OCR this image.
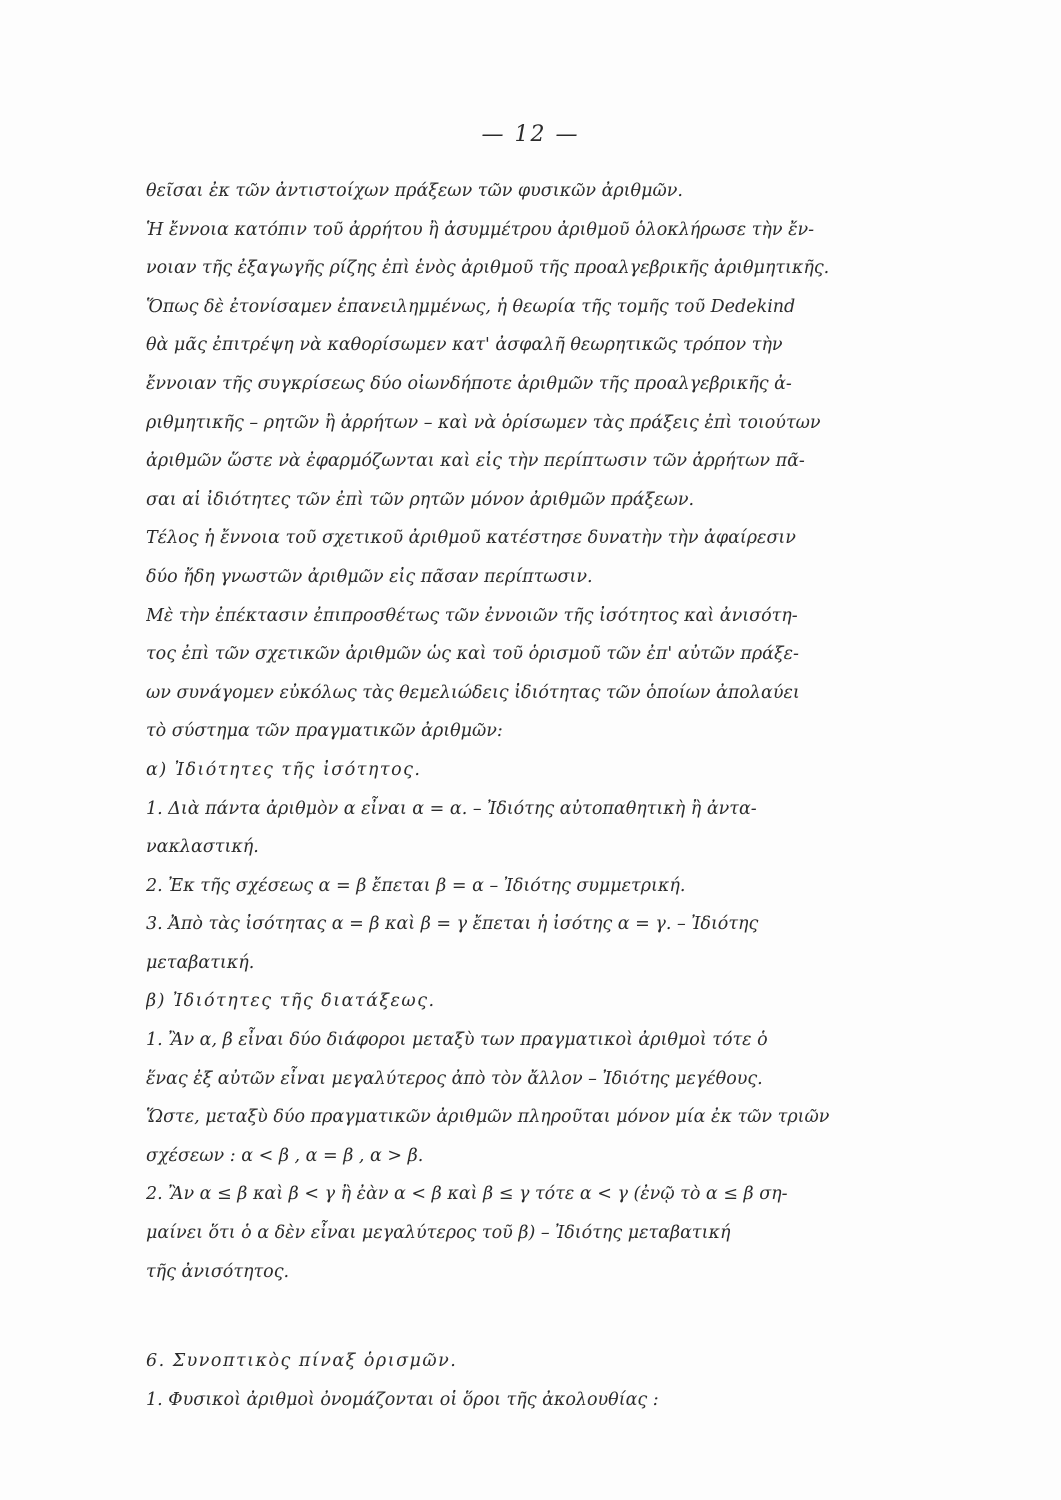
— 12 —
θεῖσαι ἐκ τῶν ἀντιστοίχων πράξεων τῶν φυσικῶν ἀριθμῶν.
Ἡ ἔννοια κατόπιν τοῦ ἀρρήτου ἢ ἀσυμμέτρου ἀριθμοῦ ὁλοκλήρωσε τὴν ἔν-
νοιαν τῆς ἐξαγωγῆς ρίζης ἐπὶ ἑνὸς ἀριθμοῦ τῆς προαλγεβρικῆς ἀριθμητικῆς.
Ὅπως δὲ ἐτονίσαμεν ἐπανειλημμένως, ἡ θεωρία τῆς τομῆς τοῦ Dedekind
θὰ μᾶς ἐπιτρέψη νὰ καθορίσωμεν κατ' ἀσφαλῆ θεωρητικῶς τρόπον τὴν
ἔννοιαν τῆς συγκρίσεως δύο οἱωνδήποτε ἀριθμῶν τῆς προαλγεβρικῆς ἀ-
ριθμητικῆς – ρητῶν ἢ ἀρρήτων – καὶ νὰ ὁρίσωμεν τὰς πράξεις ἐπὶ τοιούτων
ἀριθμῶν ὥστε νὰ ἐφαρμόζωνται καὶ εἰς τὴν περίπτωσιν τῶν ἀρρήτων πᾶ-
σαι αἱ ἰδιότητες τῶν ἐπὶ τῶν ρητῶν μόνον ἀριθμῶν πράξεων.
Τέλος ἡ ἔννοια τοῦ σχετικοῦ ἀριθμοῦ κατέστησε δυνατὴν τὴν ἀφαίρεσιν
δύο ἤδη γνωστῶν ἀριθμῶν εἰς πᾶσαν περίπτωσιν.
Μὲ τὴν ἐπέκτασιν ἐπιπροσθέτως τῶν ἐννοιῶν τῆς ἰσότητος καὶ ἀνισότη-
τος ἐπὶ τῶν σχετικῶν ἀριθμῶν ὡς καὶ τοῦ ὁρισμοῦ τῶν ἐπ' αὐτῶν πράξε-
ων συνάγομεν εὐκόλως τὰς θεμελιώδεις ἰδιότητας τῶν ὁποίων ἀπολαύει
τὸ σύστημα τῶν πραγματικῶν ἀριθμῶν:
α) Ἰδιότητες τῆς ἰσότητος.
1. Διὰ πάντα ἀριθμὸν α εἶναι α = α. – Ἰδιότης αὐτοπαθητικὴ ἢ ἀντα-
νακλαστική.
2. Ἐκ τῆς σχέσεως α = β ἔπεται β = α – Ἰδιότης συμμετρική.
3. Ἀπὸ τὰς ἰσότητας α = β καὶ β = γ ἔπεται ἡ ἰσότης α = γ. – Ἰδιότης
μεταβατική.
β) Ἰδιότητες τῆς διατάξεως.
1. Ἂν α, β εἶναι δύο διάφοροι μεταξὺ των πραγματικοὶ ἀριθμοὶ τότε ὁ
ἕνας ἐξ αὐτῶν εἶναι μεγαλύτερος ἀπὸ τὸν ἄλλον – Ἰδιότης μεγέθους.
Ὥστε, μεταξὺ δύο πραγματικῶν ἀριθμῶν πληροῦται μόνον μία ἐκ τῶν τριῶν
σχέσεων : α < β , α = β , α > β.
2. Ἂν α ≤ β καὶ β < γ ἢ ἐὰν α < β καὶ β ≤ γ τότε α < γ (ἐνῷ τὸ α ≤ β ση-
μαίνει ὅτι ὁ α δὲν εἶναι μεγαλύτερος τοῦ β) – Ἰδιότης μεταβατική
τῆς ἀνισότητος.
6. Συνοπτικὸς πίναξ ὁρισμῶν.
1. Φυσικοὶ ἀριθμοὶ ὀνομάζονται οἱ ὅροι τῆς ἀκολουθίας :
